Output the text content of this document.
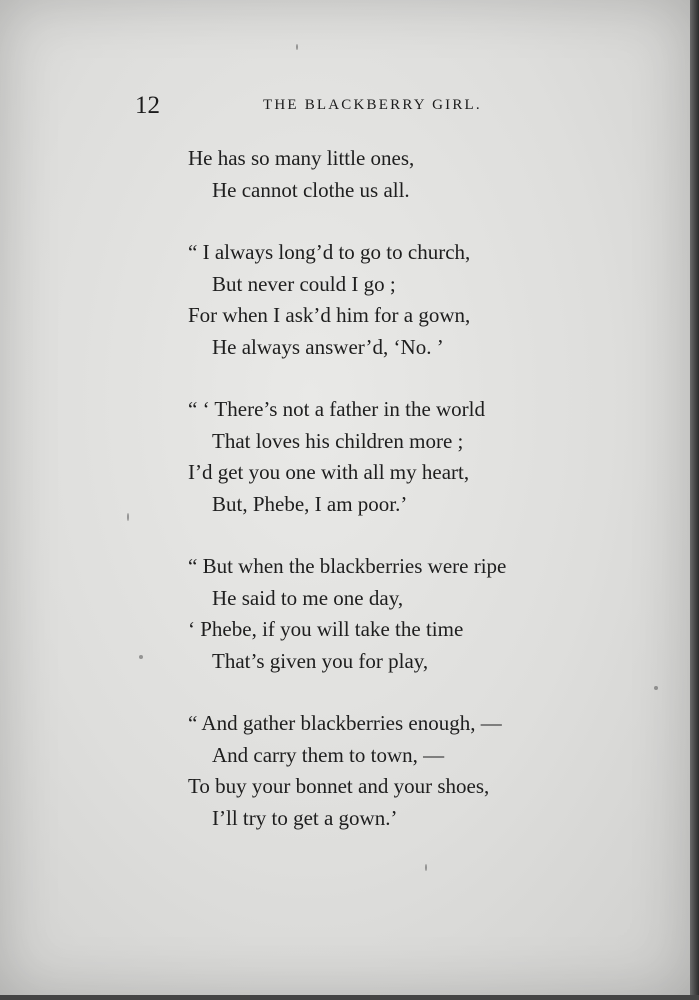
12	THE BLACKBERRY GIRL.
He has so many little ones,
He cannot clothe us all.
“ I always long’d to go to church,
But never could I go ;
For when I ask’d him for a gown,
He always answer’d, ‘No. ’
“ ‘ There’s not a father in the world
That loves his children more ;
I’d get you one with all my heart,
But, Phebe, I am poor.’
“ But when the blackberries were ripe
He said to me one day,
‘ Phebe, if you will take the time
That’s given you for play,
“ And gather blackberries enough, —
And carry them to town, —
To buy your bonnet and your shoes,
I’ll try to get a gown.’
